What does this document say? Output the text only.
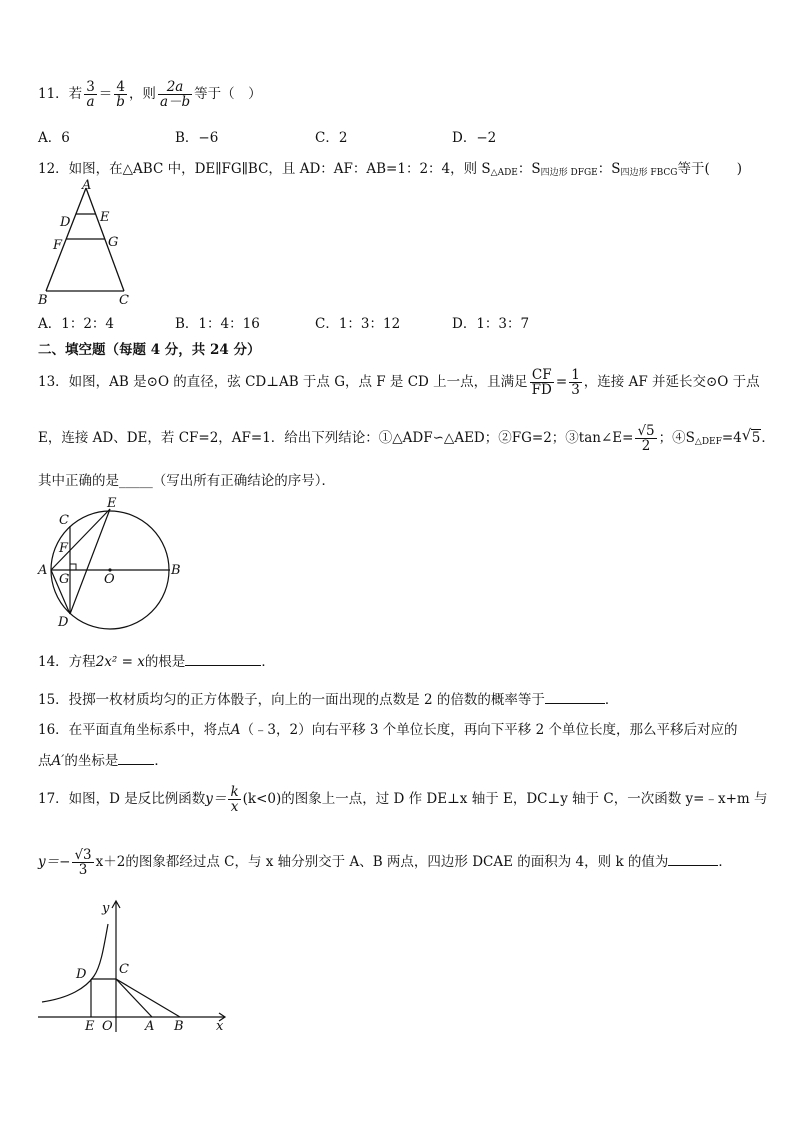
11．若 $\frac{3}{a} = \frac{4}{b}$ ，则 $\frac{2a}{a-b}$ 等于（　）
A．6	B．−6	C．2	D．−2
12．如图，在△ABC 中，DE∥FG∥BC，且 AD：AF：AB=1：2：4，则 $S_{\triangle ADE}$：$S_{四边形 DFGE}$：$S_{四边形 FBCG}$等于(　　)
A
D E
F	G
B	C
A．1：2：4	B．1：4：16	C．1：3：12	D．1：3：7
二、填空题（每题 4 分，共 24 分）
13．如图，AB 是⊙O 的直径，弦 CD⊥AB 于点 G，点 F 是 CD 上一点，且满足 $\frac{CF}{FD} = \frac{1}{3}$ ，连接 AF 并延长交⊙O 于点
E，连接 AD、DE，若 CF=2，AF=1．给出下列结论：①△ADF∽△AED；②FG=2；③tan∠E= $\frac{√5}{2}$ ；$④S_{\triangle DEF}=4$ √ 5．
其中正确的是_____（写出所有正确结论的序号）．
E
C
F
A
G	O
B
D
14．方程2x² = x的根是	．
15．投掷一枚材质均匀的正方体骰子，向上的一面出现的点数是 2 的倍数的概率等于	．
16．在平面直角坐标系中，将点A（﹣3，2）向右平移 3 个单位长度，再向下平移 2 个单位长度，那么平移后对应的
点A′的坐标是	．
17．如图，D 是反比例函数$y= \frac{k}{x} (k<0)$的图象上一点，过 D 作 DE⊥x 轴于 E，DC⊥y 轴于 C，一次函数 y=﹣x+m 与
$y=- \frac{√3}{3} x+2$的图象都经过点 C，与 x 轴分别交于 A、B 两点，四边形 DCAE 的面积为 4，则 k 的值为	．
y
D	C
E O A B x
